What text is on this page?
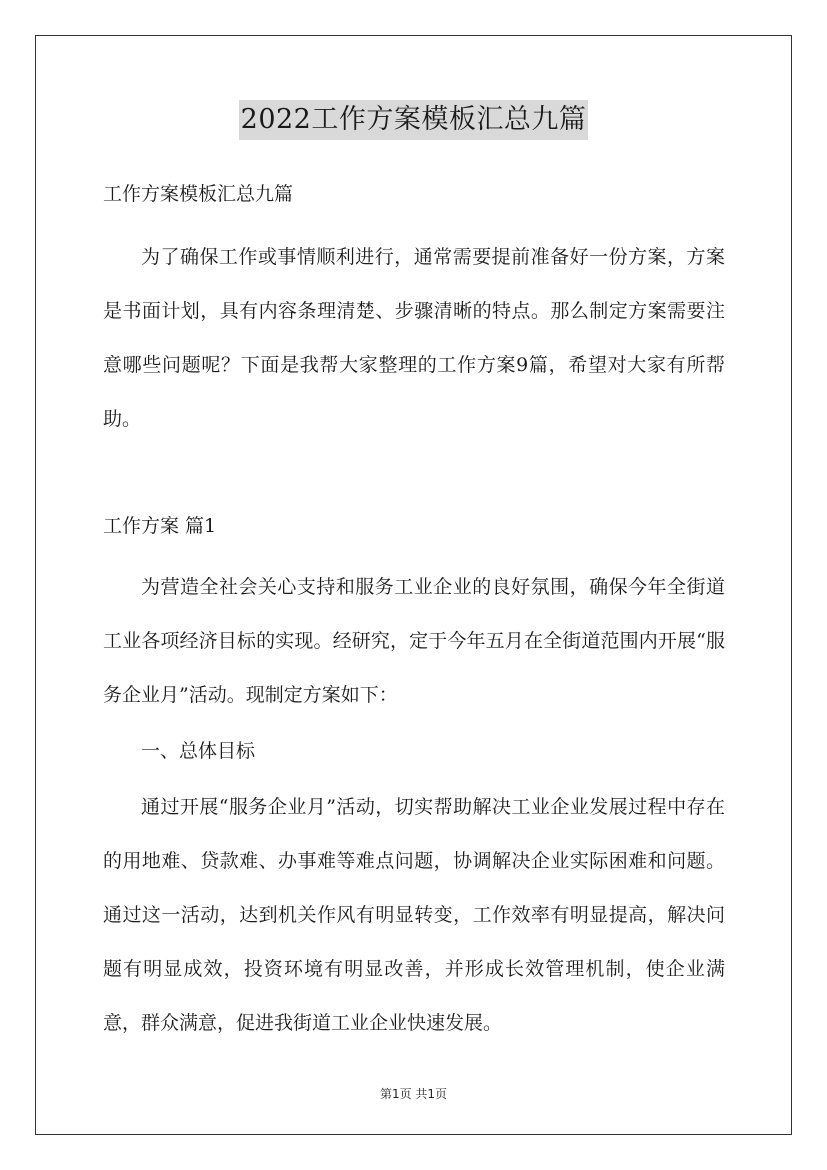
2022工作方案模板汇总九篇

工作方案模板汇总九篇

为了确保工作或事情顺利进行，通常需要提前准备好一份方案，方案是书面计划，具有内容条理清楚、步骤清晰的特点。那么制定方案需要注意哪些问题呢？下面是我帮大家整理的工作方案9篇，希望对大家有所帮助。

工作方案 篇1

为营造全社会关心支持和服务工业企业的良好氛围，确保今年全街道工业各项经济目标的实现。经研究，定于今年五月在全街道范围内开展“服务企业月”活动。现制定方案如下：

一、总体目标

通过开展“服务企业月”活动，切实帮助解决工业企业发展过程中存在的用地难、贷款难、办事难等难点问题，协调解决企业实际困难和问题。通过这一活动，达到机关作风有明显转变，工作效率有明显提高，解决问题有明显成效，投资环境有明显改善，并形成长效管理机制，使企业满意，群众满意，促进我街道工业企业快速发展。

第1页 共1页
